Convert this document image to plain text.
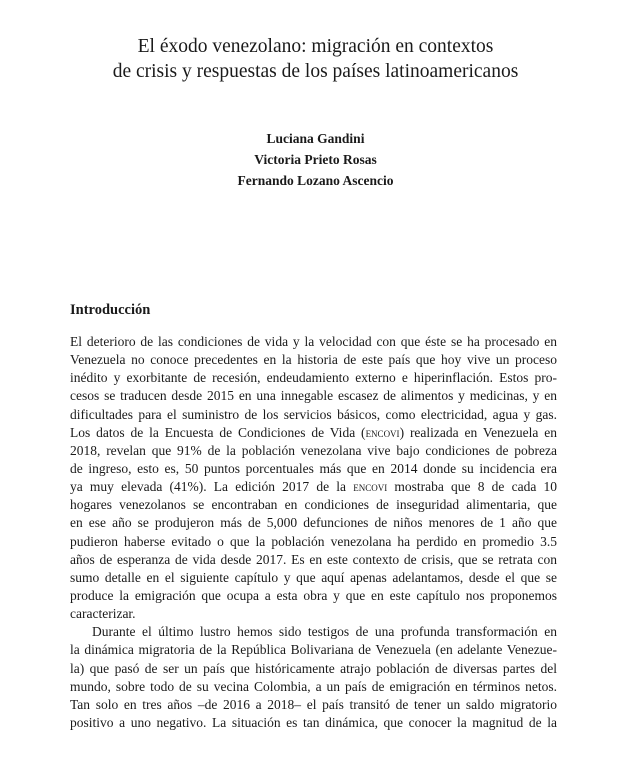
El éxodo venezolano: migración en contextos
de crisis y respuestas de los países latinoamericanos
Luciana Gandini
Victoria Prieto Rosas
Fernando Lozano Ascencio
Introducción
El deterioro de las condiciones de vida y la velocidad con que éste se ha procesado en
Venezuela no conoce precedentes en la historia de este país que hoy vive un proceso
inédito y exorbitante de recesión, endeudamiento externo e hiperinflación. Estos pro-
cesos se traducen desde 2015 en una innegable escasez de alimentos y medicinas, y en
dificultades para el suministro de los servicios básicos, como electricidad, agua y gas.
Los datos de la Encuesta de Condiciones de Vida (encovi) realizada en Venezuela en
2018, revelan que 91% de la población venezolana vive bajo condiciones de pobreza
de ingreso, esto es, 50 puntos porcentuales más que en 2014 donde su incidencia era
ya muy elevada (41%). La edición 2017 de la encovi mostraba que 8 de cada 10
hogares venezolanos se encontraban en condiciones de inseguridad alimentaria, que
en ese año se produjeron más de 5,000 defunciones de niños menores de 1 año que
pudieron haberse evitado o que la población venezolana ha perdido en promedio 3.5
años de esperanza de vida desde 2017. Es en este contexto de crisis, que se retrata con
sumo detalle en el siguiente capítulo y que aquí apenas adelantamos, desde el que se
produce la emigración que ocupa a esta obra y que en este capítulo nos proponemos
caracterizar.
Durante el último lustro hemos sido testigos de una profunda transformación en
la dinámica migratoria de la República Bolivariana de Venezuela (en adelante Venezue-
la) que pasó de ser un país que históricamente atrajo población de diversas partes del
mundo, sobre todo de su vecina Colombia, a un país de emigración en términos netos.
Tan solo en tres años –de 2016 a 2018– el país transitó de tener un saldo migratorio
positivo a uno negativo. La situación es tan dinámica, que conocer la magnitud de la
